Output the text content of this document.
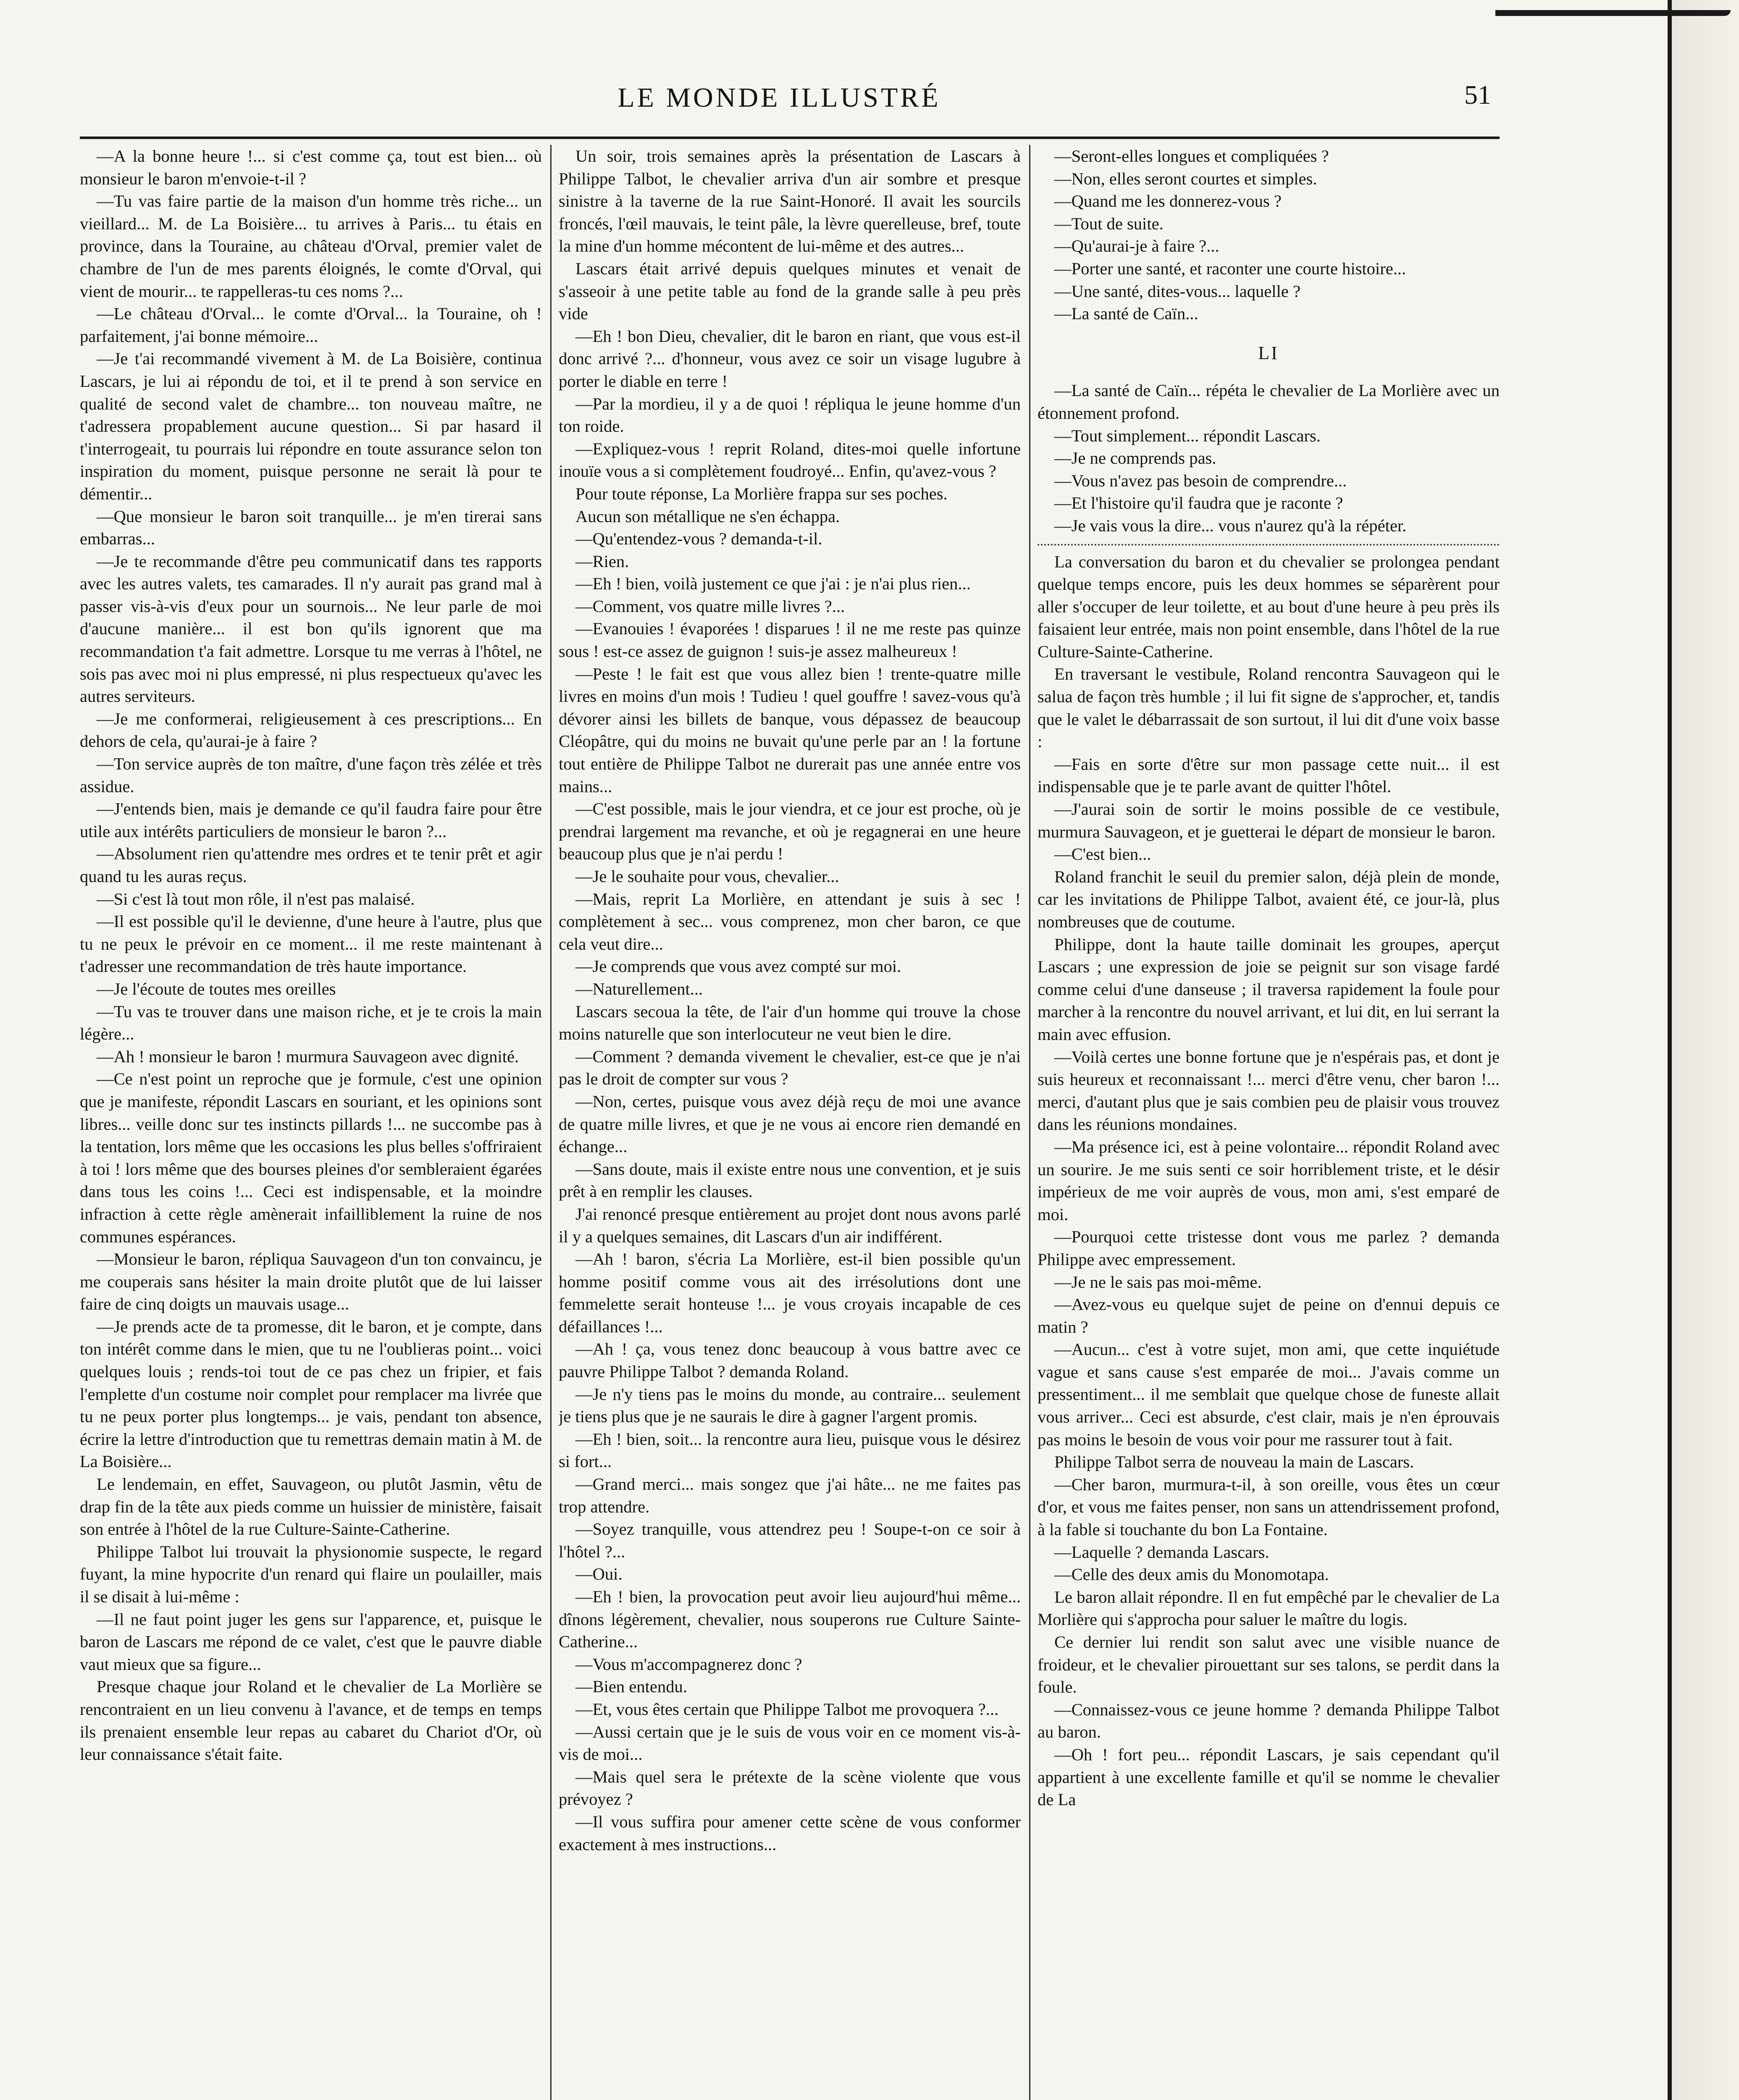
LE MONDE ILLUSTRÉ	51

—A la bonne heure !... si c'est comme ça, tout est bien... où monsieur le baron m'envoie-t-il ?

—Tu vas faire partie de la maison d'un homme très riche... un vieillard... M. de La Boisière... tu arrives à Paris... tu étais en province, dans la Touraine, au château d'Orval, premier valet de chambre de l'un de mes parents éloignés, le comte d'Orval, qui vient de mourir... te rappelleras-tu ces noms ?...

—Le château d'Orval... le comte d'Orval... la Touraine, oh ! parfaitement, j'ai bonne mémoire...

—Je t'ai recommandé vivement à M. de La Boisière, continua Lascars, je lui ai répondu de toi, et il te prend à son service en qualité de second valet de chambre... ton nouveau maître, ne t'adressera propablement aucune question... Si par hasard il t'interrogeait, tu pourrais lui répondre en toute assurance selon ton inspiration du moment, puisque personne ne serait là pour te démentir...

—Que monsieur le baron soit tranquille... je m'en tirerai sans embarras...

—Je te recommande d'être peu communicatif dans tes rapports avec les autres valets, tes camarades. Il n'y aurait pas grand mal à passer vis-à-vis d'eux pour un sournois... Ne leur parle de moi d'aucune manière... il est bon qu'ils ignorent que ma recommandation t'a fait admettre. Lorsque tu me verras à l'hôtel, ne sois pas avec moi ni plus empressé, ni plus respectueux qu'avec les autres serviteurs.

—Je me conformerai, religieusement à ces prescriptions... En dehors de cela, qu'aurai-je à faire ?

—Ton service auprès de ton maître, d'une façon très zélée et très assidue.

—J'entends bien, mais je demande ce qu'il faudra faire pour être utile aux intérêts particuliers de monsieur le baron ?...

—Absolument rien qu'attendre mes ordres et te tenir prêt et agir quand tu les auras reçus.

—Si c'est là tout mon rôle, il n'est pas malaisé.

—Il est possible qu'il le devienne, d'une heure à l'autre, plus que tu ne peux le prévoir en ce moment... il me reste maintenant à t'adresser une recommandation de très haute importance.

—Je l'écoute de toutes mes oreilles

—Tu vas te trouver dans une maison riche, et je te crois la main légère...

—Ah ! monsieur le baron ! murmura Sauvageon avec dignité.

—Ce n'est point un reproche que je formule, c'est une opinion que je manifeste, répondit Lascars en souriant, et les opinions sont libres... veille donc sur tes instincts pillards !... ne succombe pas à la tentation, lors même que les occasions les plus belles s'offriraient à toi ! lors même que des bourses pleines d'or sembleraient égarées dans tous les coins !... Ceci est indispensable, et la moindre infraction à cette règle amènerait infailliblement la ruine de nos communes espérances.

—Monsieur le baron, répliqua Sauvageon d'un ton convaincu, je me couperais sans hésiter la main droite plutôt que de lui laisser faire de cinq doigts un mauvais usage...

—Je prends acte de ta promesse, dit le baron, et je compte, dans ton intérêt comme dans le mien, que tu ne l'oublieras point... voici quelques louis ; rends-toi tout de ce pas chez un fripier, et fais l'emplette d'un costume noir complet pour remplacer ma livrée que tu ne peux porter plus longtemps... je vais, pendant ton absence, écrire la lettre d'introduction que tu remettras demain matin à M. de La Boisière...

Le lendemain, en effet, Sauvageon, ou plutôt Jasmin, vêtu de drap fin de la tête aux pieds comme un huissier de ministère, faisait son entrée à l'hôtel de la rue Culture-Sainte-Catherine.

Philippe Talbot lui trouvait la physionomie suspecte, le regard fuyant, la mine hypocrite d'un renard qui flaire un poulailler, mais il se disait à lui-même :

—Il ne faut point juger les gens sur l'apparence, et, puisque le baron de Lascars me répond de ce valet, c'est que le pauvre diable vaut mieux que sa figure...

Presque chaque jour Roland et le chevalier de La Morlière se rencontraient en un lieu convenu à l'avance, et de temps en temps ils prenaient ensemble leur repas au cabaret du Chariot d'Or, où leur connaissance s'était faite.

Un soir, trois semaines après la présentation de Lascars à Philippe Talbot, le chevalier arriva d'un air sombre et presque sinistre à la taverne de la rue Saint-Honoré. Il avait les sourcils froncés, l'œil mauvais, le teint pâle, la lèvre querelleuse, bref, toute la mine d'un homme mécontent de lui-même et des autres...

Lascars était arrivé depuis quelques minutes et venait de s'asseoir à une petite table au fond de la grande salle à peu près vide

—Eh ! bon Dieu, chevalier, dit le baron en riant, que vous est-il donc arrivé ?... d'honneur, vous avez ce soir un visage lugubre à porter le diable en terre !

—Par la mordieu, il y a de quoi ! répliqua le jeune homme d'un ton roide.

—Expliquez-vous ! reprit Roland, dites-moi quelle infortune inouïe vous a si complètement foudroyé... Enfin, qu'avez-vous ?

Pour toute réponse, La Morlière frappa sur ses poches.

Aucun son métallique ne s'en échappa.

—Qu'entendez-vous ? demanda-t-il.

—Rien.

—Eh ! bien, voilà justement ce que j'ai : je n'ai plus rien...

—Comment, vos quatre mille livres ?...

—Evanouies ! évaporées ! disparues ! il ne me reste pas quinze sous ! est-ce assez de guignon ! suis-je assez malheureux !

—Peste ! le fait est que vous allez bien ! trente-quatre mille livres en moins d'un mois ! Tudieu ! quel gouffre ! savez-vous qu'à dévorer ainsi les billets de banque, vous dépassez de beaucoup Cléopâtre, qui du moins ne buvait qu'une perle par an ! la fortune tout entière de Philippe Talbot ne durerait pas une année entre vos mains...

—C'est possible, mais le jour viendra, et ce jour est proche, où je prendrai largement ma revanche, et où je regagnerai en une heure beaucoup plus que je n'ai perdu !

—Je le souhaite pour vous, chevalier...

—Mais, reprit La Morlière, en attendant je suis à sec ! complètement à sec... vous comprenez, mon cher baron, ce que cela veut dire...

—Je comprends que vous avez compté sur moi.

—Naturellement...

Lascars secoua la tête, de l'air d'un homme qui trouve la chose moins naturelle que son interlocuteur ne veut bien le dire.

—Comment ? demanda vivement le chevalier, est-ce que je n'ai pas le droit de compter sur vous ?

—Non, certes, puisque vous avez déjà reçu de moi une avance de quatre mille livres, et que je ne vous ai encore rien demandé en échange...

—Sans doute, mais il existe entre nous une convention, et je suis prêt à en remplir les clauses.

J'ai renoncé presque entièrement au projet dont nous avons parlé il y a quelques semaines, dit Lascars d'un air indifférent.

—Ah ! baron, s'écria La Morlière, est-il bien possible qu'un homme positif comme vous ait des irrésolutions dont une femmelette serait honteuse !... je vous croyais incapable de ces défaillances !...

—Ah ! ça, vous tenez donc beaucoup à vous battre avec ce pauvre Philippe Talbot ? demanda Roland.

—Je n'y tiens pas le moins du monde, au contraire... seulement je tiens plus que je ne saurais le dire à gagner l'argent promis.

—Eh ! bien, soit... la rencontre aura lieu, puisque vous le désirez si fort...

—Grand merci... mais songez que j'ai hâte... ne me faites pas trop attendre.

—Soyez tranquille, vous attendrez peu ! Soupe-t-on ce soir à l'hôtel ?...

—Oui.

—Eh ! bien, la provocation peut avoir lieu aujourd'hui même... dînons légèrement, chevalier, nous souperons rue Culture Sainte-Catherine...

—Vous m'accompagnerez donc ?

—Bien entendu.

—Et, vous êtes certain que Philippe Talbot me provoquera ?...

—Aussi certain que je le suis de vous voir en ce moment vis-à-vis de moi...

—Mais quel sera le prétexte de la scène violente que vous prévoyez ?

—Il vous suffira pour amener cette scène de vous conformer exactement à mes instructions...

—Seront-elles longues et compliquées ?

—Non, elles seront courtes et simples.

—Quand me les donnerez-vous ?

—Tout de suite.

—Qu'aurai-je à faire ?...

—Porter une santé, et raconter une courte histoire...

—Une santé, dites-vous... laquelle ?

—La santé de Caïn...

LI

—La santé de Caïn... répéta le chevalier de La Morlière avec un étonnement profond.

—Tout simplement... répondit Lascars.

—Je ne comprends pas.

—Vous n'avez pas besoin de comprendre...

—Et l'histoire qu'il faudra que je raconte ?

—Je vais vous la dire... vous n'aurez qu'à la répéter.

La conversation du baron et du chevalier se prolongea pendant quelque temps encore, puis les deux hommes se séparèrent pour aller s'occuper de leur toilette, et au bout d'une heure à peu près ils faisaient leur entrée, mais non point ensemble, dans l'hôtel de la rue Culture-Sainte-Catherine.

En traversant le vestibule, Roland rencontra Sauvageon qui le salua de façon très humble ; il lui fit signe de s'approcher, et, tandis que le valet le débarrassait de son surtout, il lui dit d'une voix basse :

—Fais en sorte d'être sur mon passage cette nuit... il est indispensable que je te parle avant de quitter l'hôtel.

—J'aurai soin de sortir le moins possible de ce vestibule, murmura Sauvageon, et je guetterai le départ de monsieur le baron.

—C'est bien...

Roland franchit le seuil du premier salon, déjà plein de monde, car les invitations de Philippe Talbot, avaient été, ce jour-là, plus nombreuses que de coutume.

Philippe, dont la haute taille dominait les groupes, aperçut Lascars ; une expression de joie se peignit sur son visage fardé comme celui d'une danseuse ; il traversa rapidement la foule pour marcher à la rencontre du nouvel arrivant, et lui dit, en lui serrant la main avec effusion.

—Voilà certes une bonne fortune que je n'espérais pas, et dont je suis heureux et reconnaissant !... merci d'être venu, cher baron !... merci, d'autant plus que je sais combien peu de plaisir vous trouvez dans les réunions mondaines.

—Ma présence ici, est à peine volontaire... répondit Roland avec un sourire. Je me suis senti ce soir horriblement triste, et le désir impérieux de me voir auprès de vous, mon ami, s'est emparé de moi.

—Pourquoi cette tristesse dont vous me parlez ? demanda Philippe avec empressement.

—Je ne le sais pas moi-même.

—Avez-vous eu quelque sujet de peine on d'ennui depuis ce matin ?

—Aucun... c'est à votre sujet, mon ami, que cette inquiétude vague et sans cause s'est emparée de moi... J'avais comme un pressentiment... il me semblait que quelque chose de funeste allait vous arriver... Ceci est absurde, c'est clair, mais je n'en éprouvais pas moins le besoin de vous voir pour me rassurer tout à fait.

Philippe Talbot serra de nouveau la main de Lascars.

—Cher baron, murmura-t-il, à son oreille, vous êtes un cœur d'or, et vous me faites penser, non sans un attendrissement profond, à la fable si touchante du bon La Fontaine.

—Laquelle ? demanda Lascars.

—Celle des deux amis du Monomotapa.

Le baron allait répondre. Il en fut empêché par le chevalier de La Morlière qui s'approcha pour saluer le maître du logis.

Ce dernier lui rendit son salut avec une visible nuance de froideur, et le chevalier pirouettant sur ses talons, se perdit dans la foule.

—Connaissez-vous ce jeune homme ? demanda Philippe Talbot au baron.

—Oh ! fort peu... répondit Lascars, je sais cependant qu'il appartient à une excellente famille et qu'il se nomme le chevalier de La
